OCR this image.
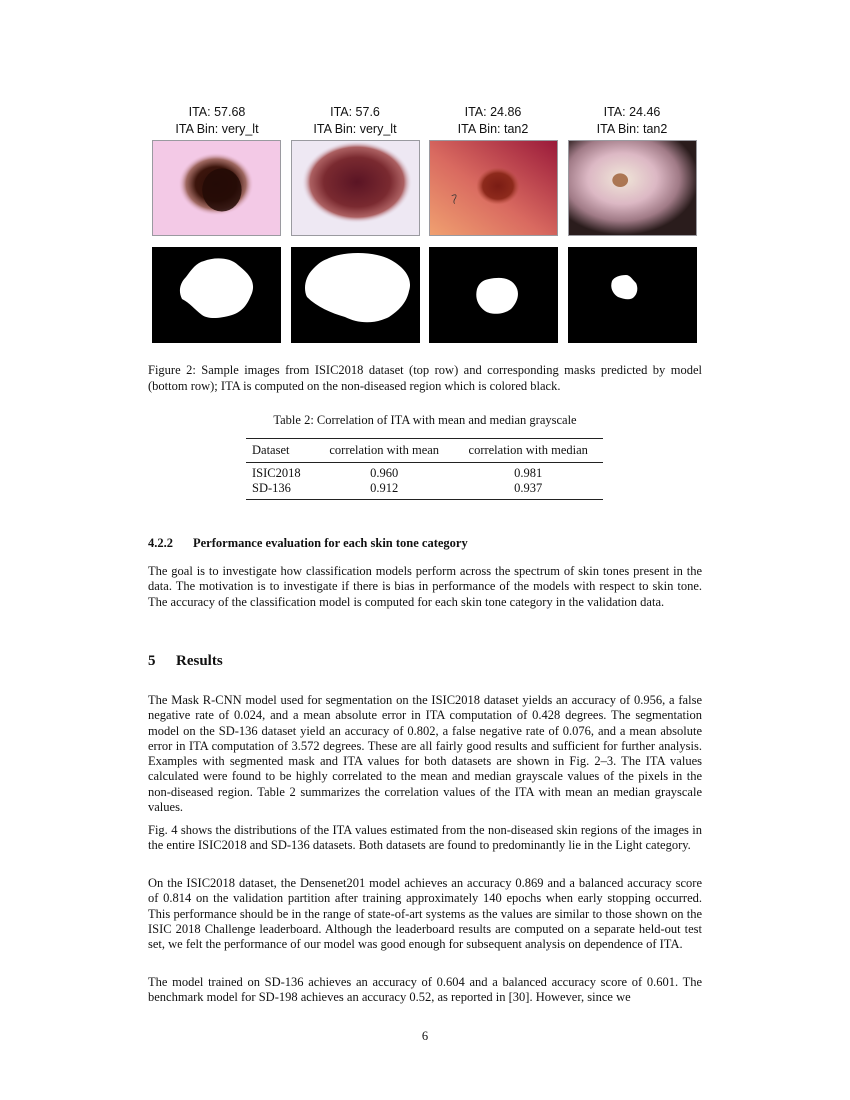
ITA: 57.68
ITA Bin: very_lt
ITA: 57.6
ITA Bin: very_lt
ITA: 24.86
ITA Bin: tan2
ITA: 24.46
ITA Bin: tan2
Figure 2: Sample images from ISIC2018 dataset (top row) and corresponding masks predicted by model (bottom row); ITA is computed on the non-diseased region which is colored black.
Table 2: Correlation of ITA with mean and median grayscale
Dataset	correlation with mean	correlation with median
ISIC2018	0.960	0.981
SD-136	0.912	0.937
4.2.2 Performance evaluation for each skin tone category

The goal is to investigate how classification models perform across the spectrum of skin tones present in the data. The motivation is to investigate if there is bias in performance of the models with respect to skin tone. The accuracy of the classification model is computed for each skin tone category in the validation data.

5 Results

The Mask R-CNN model used for segmentation on the ISIC2018 dataset yields an accuracy of 0.956, a false negative rate of 0.024, and a mean absolute error in ITA computation of 0.428 degrees. The segmentation model on the SD-136 dataset yield an accuracy of 0.802, a false negative rate of 0.076, and a mean absolute error in ITA computation of 3.572 degrees. These are all fairly good results and sufficient for further analysis. Examples with segmented mask and ITA values for both datasets are shown in Fig. 2–3. The ITA values calculated were found to be highly correlated to the mean and median grayscale values of the pixels in the non-diseased region. Table 2 summarizes the correlation values of the ITA with mean an median grayscale values.

Fig. 4 shows the distributions of the ITA values estimated from the non-diseased skin regions of the images in the entire ISIC2018 and SD-136 datasets. Both datasets are found to predominantly lie in the Light category.

On the ISIC2018 dataset, the Densenet201 model achieves an accuracy 0.869 and a balanced accuracy score of 0.814 on the validation partition after training approximately 140 epochs when early stopping occurred. This performance should be in the range of state-of-art systems as the values are similar to those shown on the ISIC 2018 Challenge leaderboard. Although the leaderboard results are computed on a separate held-out test set, we felt the performance of our model was good enough for subsequent analysis on dependence of ITA.

The model trained on SD-136 achieves an accuracy of 0.604 and a balanced accuracy score of 0.601. The benchmark model for SD-198 achieves an accuracy 0.52, as reported in [30]. However, since we

6
